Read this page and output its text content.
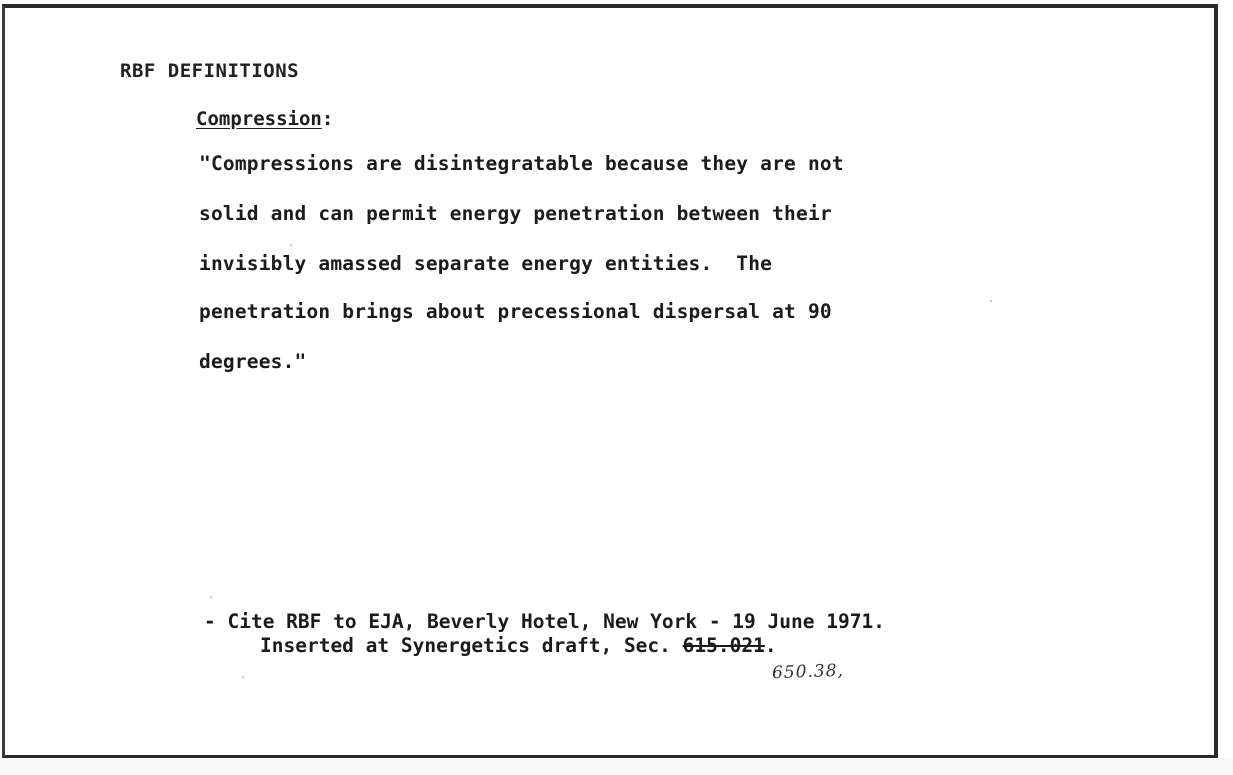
RBF DEFINITIONS
Compression:
"Compressions are disintegratable because they are not
solid and can permit energy penetration between their
invisibly amassed separate energy entities.  The
penetration brings about precessional dispersal at 90
degrees."
- Cite RBF to EJA, Beverly Hotel, New York - 19 June 1971.
Inserted at Synergetics draft, Sec. 615.021.
650.38,
